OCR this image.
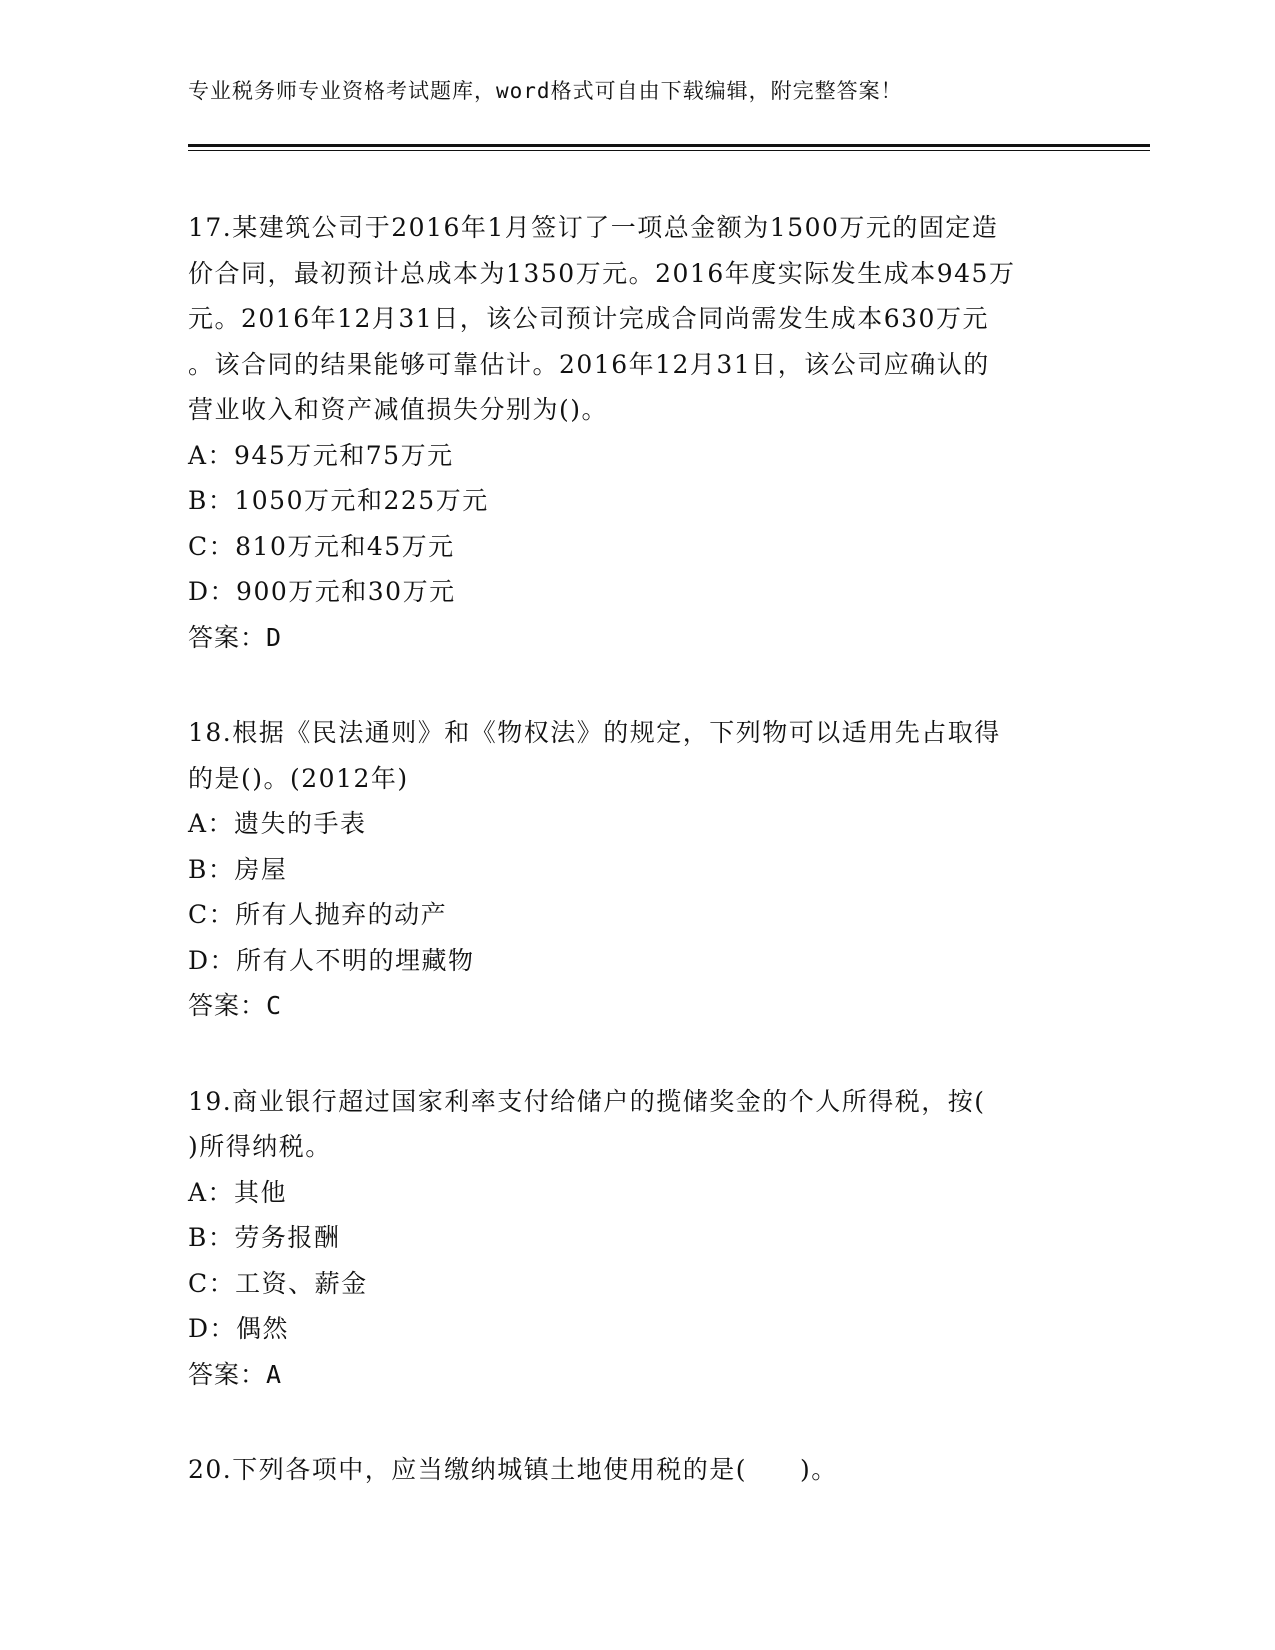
专业税务师专业资格考试题库，word格式可自由下载编辑，附完整答案！
17.某建筑公司于2016年1月签订了一项总金额为1500万元的固定造
价合同，最初预计总成本为1350万元。2016年度实际发生成本945万
元。2016年12月31日，该公司预计完成合同尚需发生成本630万元
。该合同的结果能够可靠估计。2016年12月31日，该公司应确认的
营业收入和资产减值损失分别为()。
A：945万元和75万元
B：1050万元和225万元
C：810万元和45万元
D：900万元和30万元
答案：D
18.根据《民法通则》和《物权法》的规定，下列物可以适用先占取得
的是()。(2012年)
A：遗失的手表
B：房屋
C：所有人抛弃的动产
D：所有人不明的埋藏物
答案：C
19.商业银行超过国家利率支付给储户的揽储奖金的个人所得税，按(
)所得纳税。
A：其他
B：劳务报酬
C：工资、薪金
D：偶然
答案：A
20.下列各项中，应当缴纳城镇土地使用税的是(　　)。
